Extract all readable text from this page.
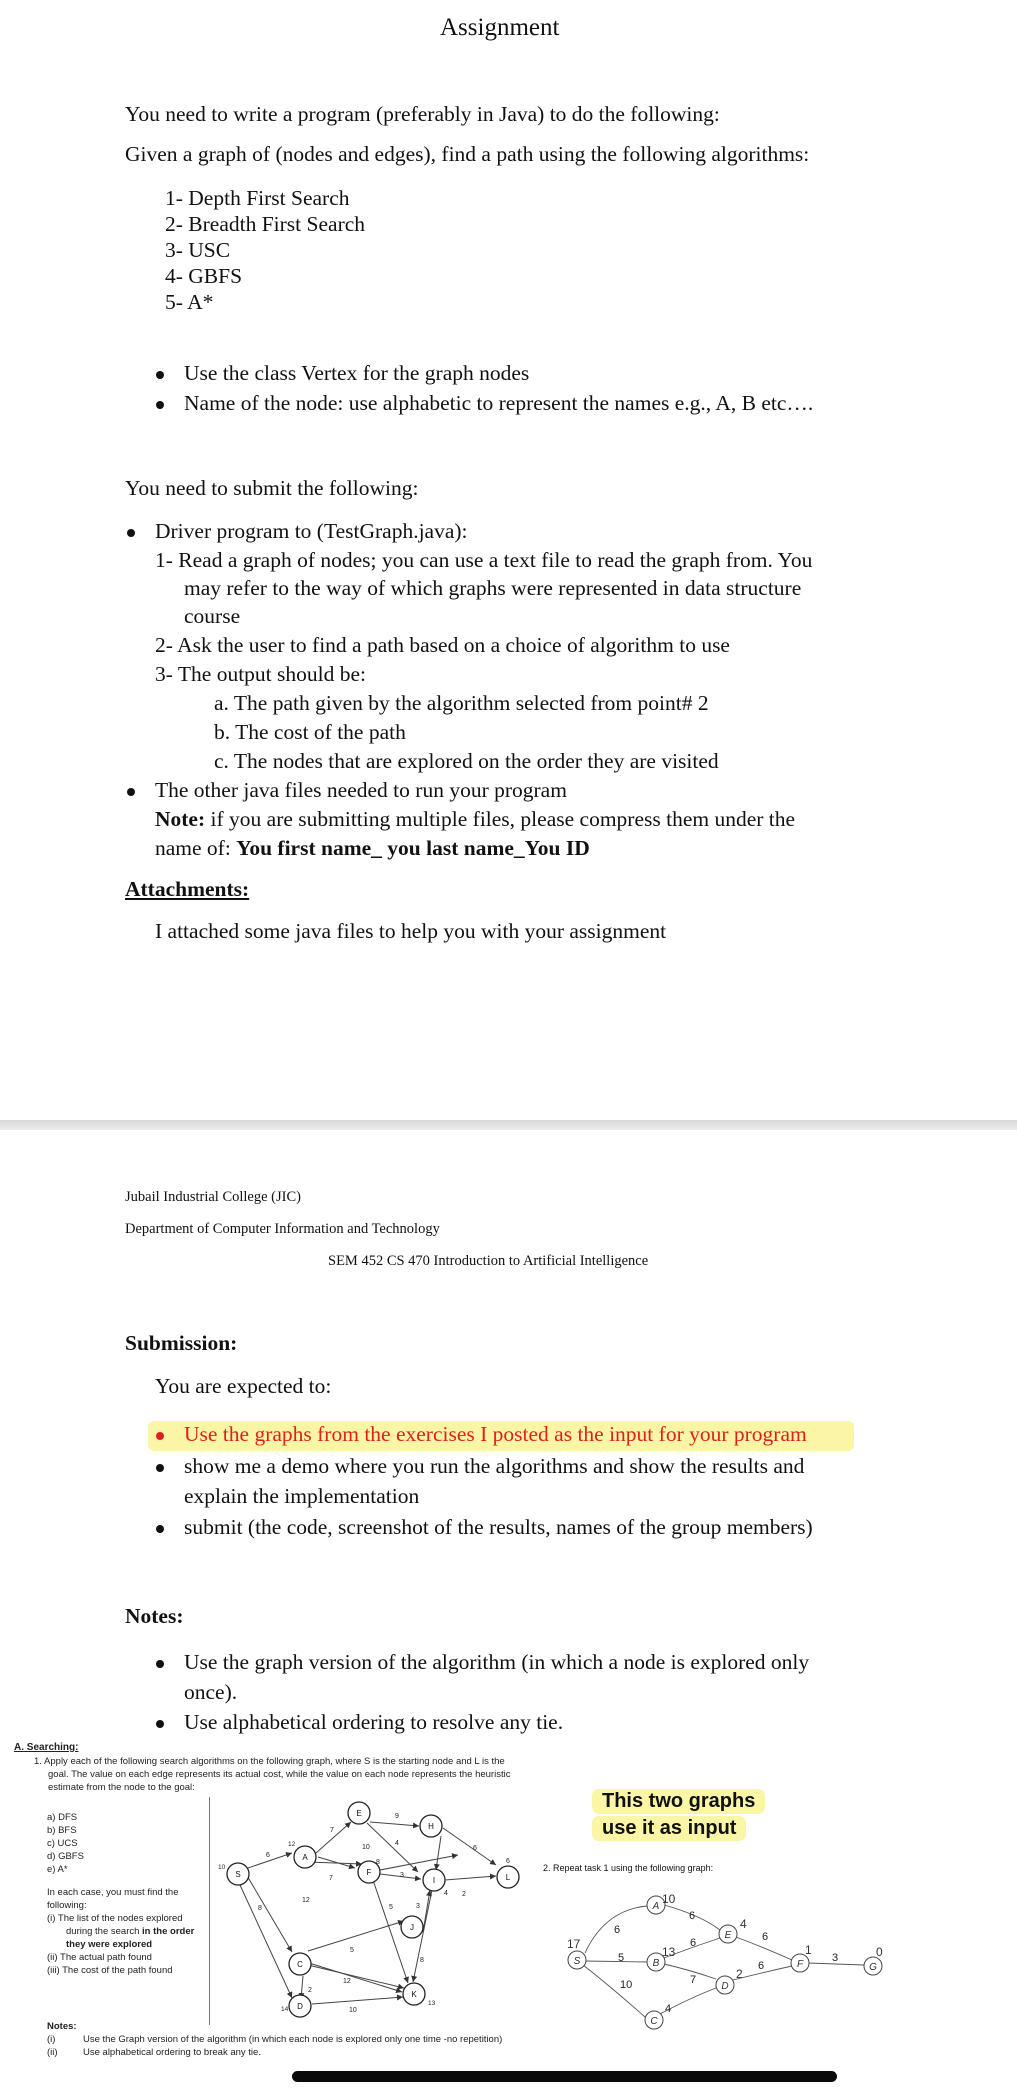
Assignment
You need to write a program (preferably in Java) to do the following:
Given a graph of (nodes and edges), find a path using the following algorithms:
1- Depth First Search
2- Breadth First Search
3- USC
4- GBFS
5- A*
Use the class Vertex for the graph nodes
Name of the node: use alphabetic to represent the names e.g., A, B etc….
You need to submit the following:
Driver program to (TestGraph.java):
1- Read a graph of nodes; you can use a text file to read the graph from. You
may refer to the way of which graphs were represented in data structure
course
2- Ask the user to find a path based on a choice of algorithm to use
3- The output should be:
a. The path given by the algorithm selected from point# 2
b. The cost of the path
c. The nodes that are explored on the order they are visited
The other java files needed to run your program
Note: if you are submitting multiple files, please compress them under the
name of: You first name_ you last name_You ID
Attachments:
I attached some java files to help you with your assignment
Jubail Industrial College (JIC)
Department of Computer Information and Technology
SEM 452 CS 470 Introduction to Artificial Intelligence
Submission:
You are expected to:
Use the graphs from the exercises I posted as the input for your program
show me a demo where you run the algorithms and show the results and
explain the implementation
submit (the code, screenshot of the results, names of the group members)
Notes:
Use the graph version of the algorithm (in which a node is explored only
once).
Use alphabetical ordering to resolve any tie.
A. Searching:
1. Apply each of the following search algorithms on the following graph, where S is the starting node and L is the
goal. The value on each edge represents its actual cost, while the value on each node represents the heuristic
estimate from the node to the goal:
a) DFS
b) BFS
c) UCS
d) GBFS
e) A*
In each case, you must find the
following:
(i) The list of the nodes explored
during the search in the order
they were explored
(ii) The actual path found
(iii) The cost of the path found
Notes:
(i)	Use the Graph version of the algorithm (in which each node is explored only one time -no repetition)
(ii)	Use alphabetical ordering to break any tie.
This two graphs
use it as input
2. Repeat task 1 using the following graph:
6
8
7
10
9
3
6
4
2
5
12
7
8
5	3
2
12
8
6
10
4
S
A
E
H
F
I	L
C
D
J
K
10
12
14
13
6
5
10
6
6
7
4
6
6
3
S
A
B
C
E
D
F	G
17
10
13
4
2
1	0
